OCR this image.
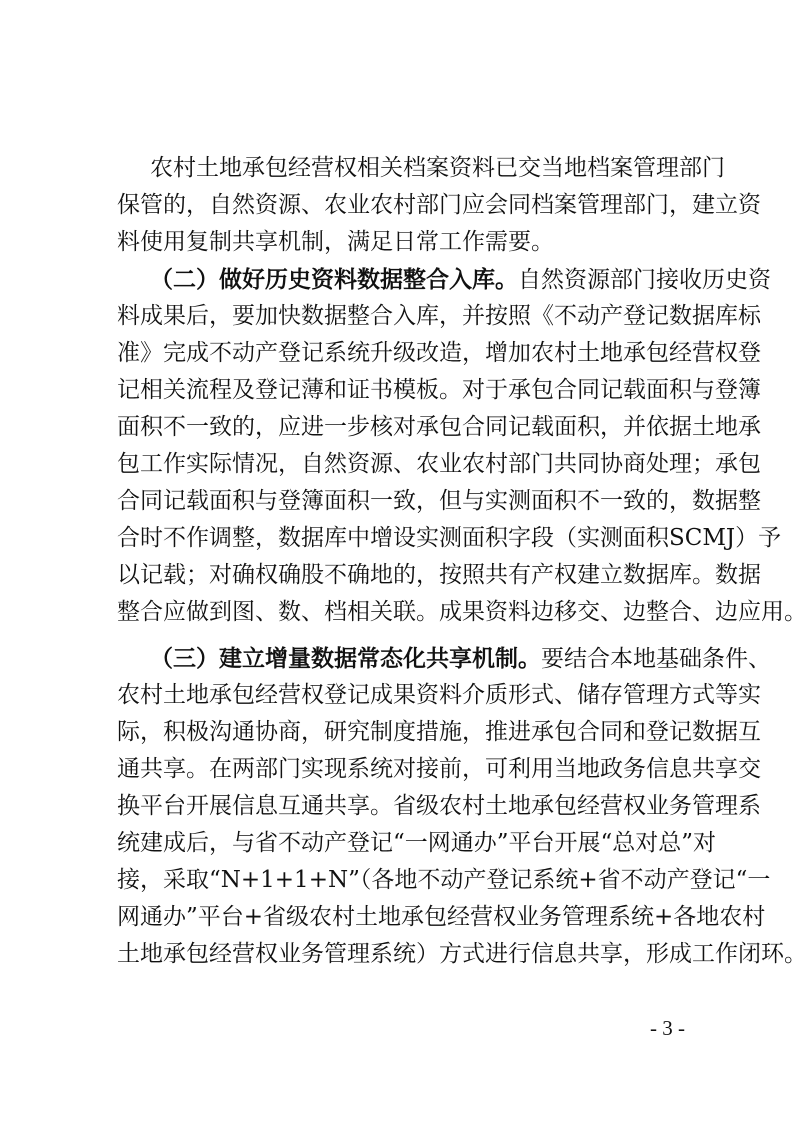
农村土地承包经营权相关档案资料已交当地档案管理部门
保管的，自然资源、农业农村部门应会同档案管理部门，建立资
料使用复制共享机制，满足日常工作需要。
（二）做好历史资料数据整合入库。自然资源部门接收历史资
料成果后，要加快数据整合入库，并按照《不动产登记数据库标
准》完成不动产登记系统升级改造，增加农村土地承包经营权登
记相关流程及登记薄和证书模板。对于承包合同记载面积与登簿
面积不一致的，应进一步核对承包合同记载面积，并依据土地承
包工作实际情况，自然资源、农业农村部门共同协商处理；承包
合同记载面积与登簿面积一致，但与实测面积不一致的，数据整
合时不作调整，数据库中增设实测面积字段（实测面积SCMJ）予
以记载；对确权确股不确地的，按照共有产权建立数据库。数据
整合应做到图、数、档相关联。成果资料边移交、边整合、边应用。
（三）建立增量数据常态化共享机制。要结合本地基础条件、
农村土地承包经营权登记成果资料介质形式、储存管理方式等实
际，积极沟通协商，研究制度措施，推进承包合同和登记数据互
通共享。在两部门实现系统对接前，可利用当地政务信息共享交
换平台开展信息互通共享。省级农村土地承包经营权业务管理系
统建成后，与省不动产登记“一网通办”平台开展“总对总”对
接，采取“N+1+1+N”（各地不动产登记系统+省不动产登记“一
网通办”平台+省级农村土地承包经营权业务管理系统+各地农村
土地承包经营权业务管理系统）方式进行信息共享，形成工作闭环。
- 3 -
